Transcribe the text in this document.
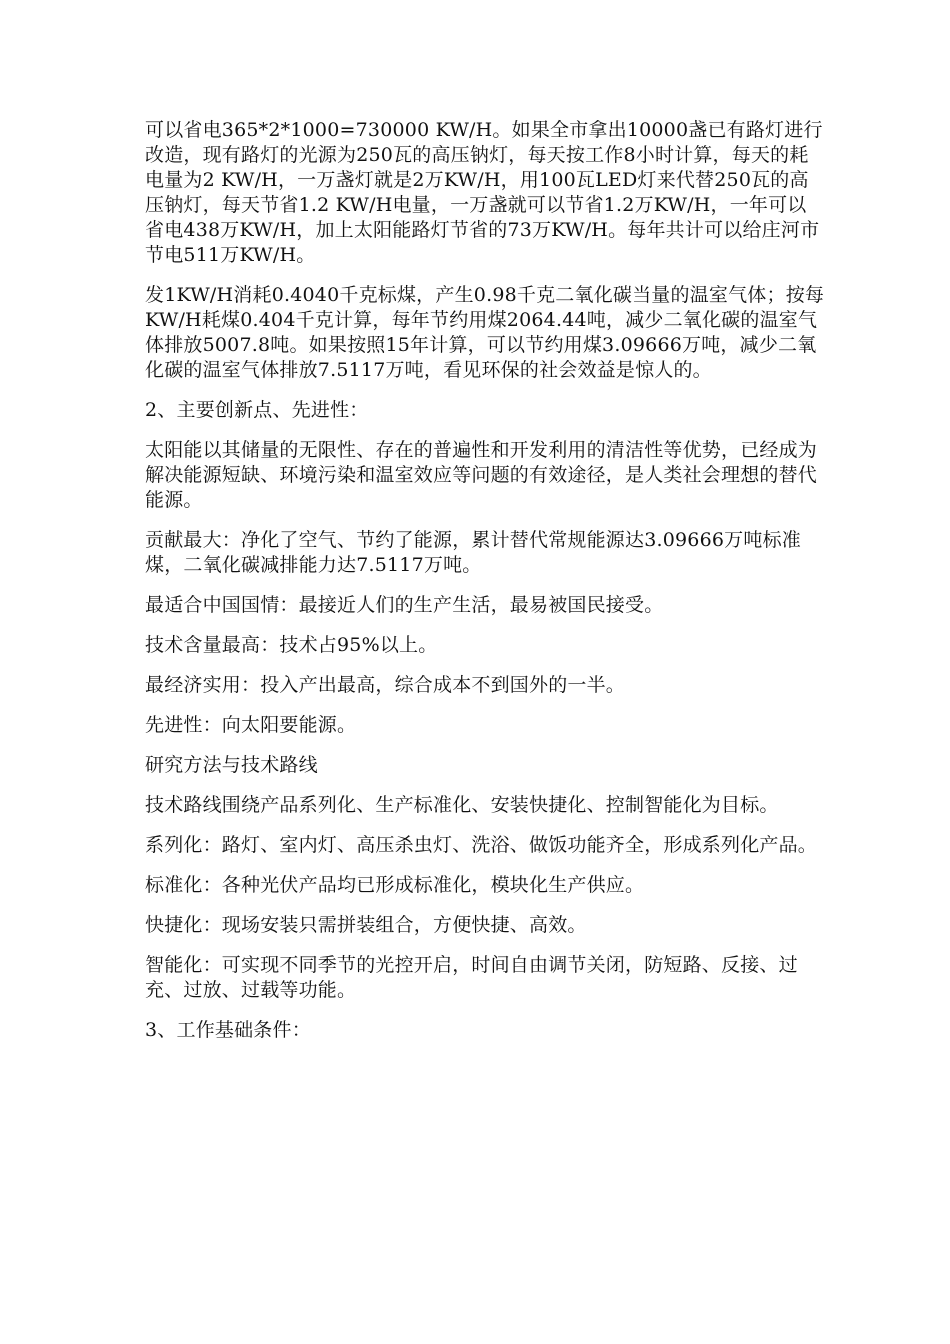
可以省电365*2*1000=730000 KW/H。如果全市拿出10000盏已有路灯进行改造，现有路灯的光源为250瓦的高压钠灯，每天按工作8小时计算，每天的耗电量为2 KW/H，一万盏灯就是2万KW/H，用100瓦LED灯来代替250瓦的高压钠灯，每天节省1.2 KW/H电量，一万盏就可以节省1.2万KW/H，一年可以省电438万KW/H，加上太阳能路灯节省的73万KW/H。每年共计可以给庄河市节电511万KW/H。

发1KW/H消耗0.4040千克标煤，产生0.98千克二氧化碳当量的温室气体；按每KW/H耗煤0.404千克计算，每年节约用煤2064.44吨，减少二氧化碳的温室气体排放5007.8吨。如果按照15年计算，可以节约用煤3.09666万吨，减少二氧化碳的温室气体排放7.5117万吨，看见环保的社会效益是惊人的。

2、主要创新点、先进性：

太阳能以其储量的无限性、存在的普遍性和开发利用的清洁性等优势，已经成为解决能源短缺、环境污染和温室效应等问题的有效途径，是人类社会理想的替代能源。

贡献最大：净化了空气、节约了能源，累计替代常规能源达3.09666万吨标准煤，二氧化碳减排能力达7.5117万吨。

最适合中国国情：最接近人们的生产生活，最易被国民接受。

技术含量最高：技术占95%以上。

最经济实用：投入产出最高，综合成本不到国外的一半。

先进性：向太阳要能源。

研究方法与技术路线

技术路线围绕产品系列化、生产标准化、安装快捷化、控制智能化为目标。

系列化：路灯、室内灯、高压杀虫灯、洗浴、做饭功能齐全，形成系列化产品。

标准化：各种光伏产品均已形成标准化，模块化生产供应。

快捷化：现场安装只需拼装组合，方便快捷、高效。

智能化：可实现不同季节的光控开启，时间自由调节关闭，防短路、反接、过充、过放、过载等功能。

3、工作基础条件：
